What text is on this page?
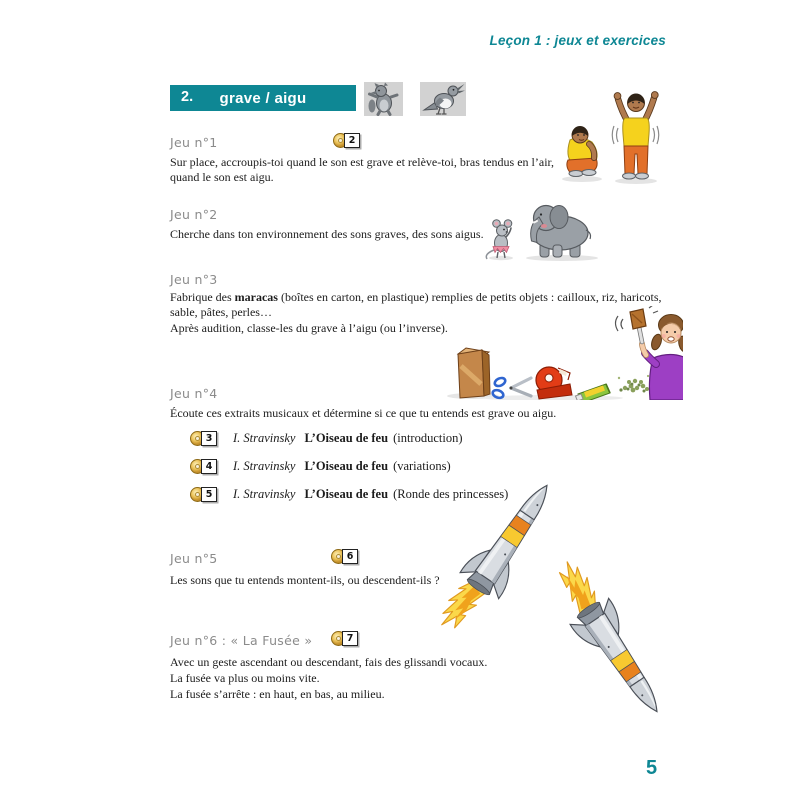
Leçon 1 : jeux et exercices
2. grave / aigu
Jeu n°1	2
Sur place, accroupis-toi quand le son est grave et relève-toi, bras tendus en l’air,
quand le son est aigu.
Jeu n°2
Cherche dans ton environnement des sons graves, des sons aigus.
Jeu n°3
Fabrique des maracas (boîtes en carton, en plastique) remplies de petits objets : cailloux, riz, haricots,
sable, pâtes, perles…
Après audition, classe-les du grave à l’aigu (ou l’inverse).
Jeu n°4
Écoute ces extraits musicaux et détermine si ce que tu entends est grave ou aigu.
3	I. Stravinsky L’Oiseau de feu (introduction)
4	I. Stravinsky L’Oiseau de feu (variations)
5	I. Stravinsky L’Oiseau de feu (Ronde des princesses)
Jeu n°5	6
Les sons que tu entends montent-ils, ou descendent-ils ?
Jeu n°6 : « La Fusée »	7
Avec un geste ascendant ou descendant, fais des glissandi vocaux.
La fusée va plus ou moins vite.
La fusée s’arrête : en haut, en bas, au milieu.
5
